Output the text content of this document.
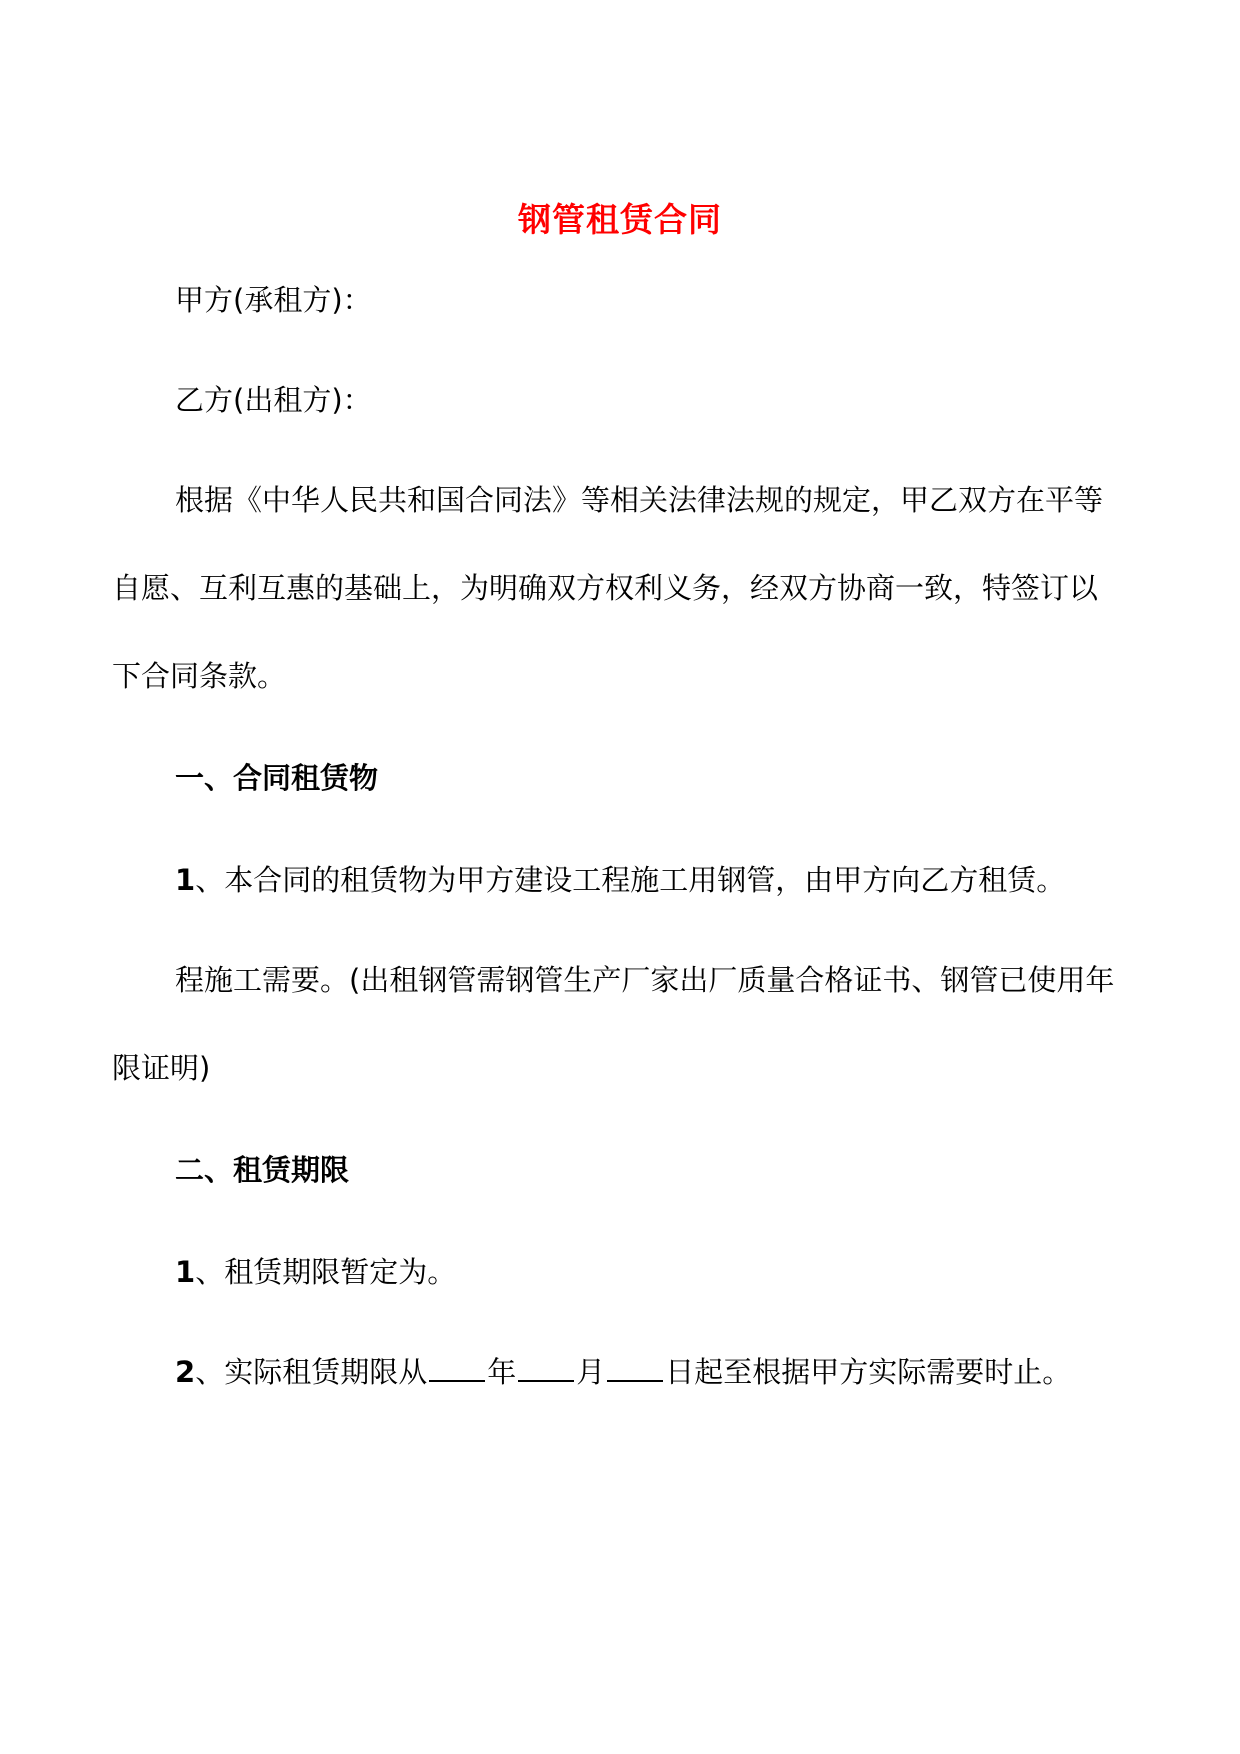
钢管租赁合同
甲方(承租方)：
乙方(出租方)：
根据《中华人民共和国合同法》等相关法律法规的规定，甲乙双方在平等
自愿、互利互惠的基础上，为明确双方权利义务，经双方协商一致，特签订以
下合同条款。
一、合同租赁物
1、本合同的租赁物为甲方建设工程施工用钢管，由甲方向乙方租赁。
程施工需要。(出租钢管需钢管生产厂家出厂质量合格证书、钢管已使用年
限证明)
二、租赁期限
1、租赁期限暂定为。
2、实际租赁期限从 年 月 日起至根据甲方实际需要时止。
